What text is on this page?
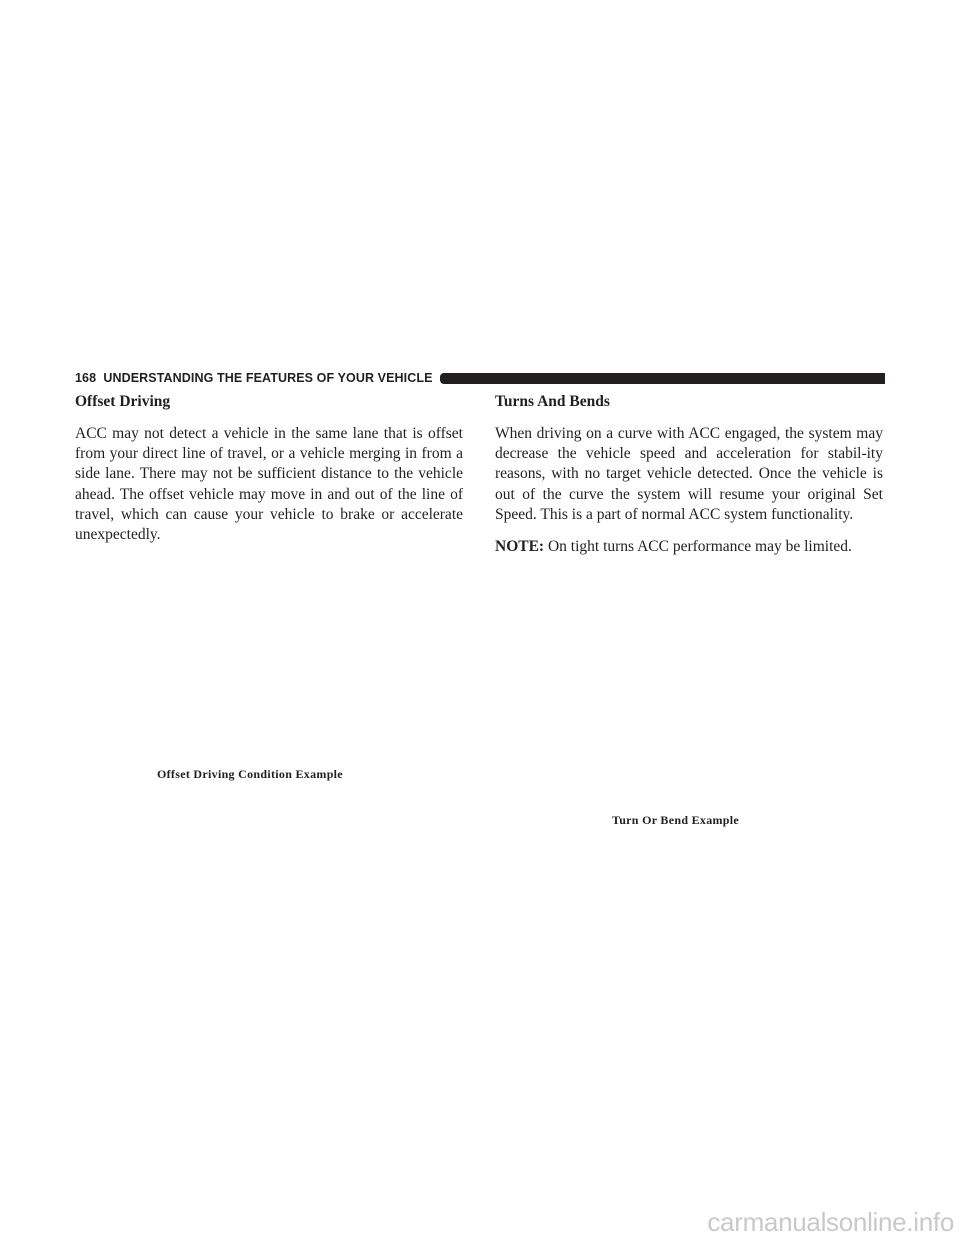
168 UNDERSTANDING THE FEATURES OF YOUR VEHICLE
Offset Driving

ACC may not detect a vehicle in the same lane that is offset from your direct line of travel, or a vehicle merging in from a side lane. There may not be sufficient distance to the vehicle ahead. The offset vehicle may move in and out of the line of travel, which can cause your vehicle to brake or accelerate unexpectedly.

Turns And Bends

When driving on a curve with ACC engaged, the system may decrease the vehicle speed and acceleration for stabil-ity reasons, with no target vehicle detected. Once the vehicle is out of the curve the system will resume your original Set Speed. This is a part of normal ACC system functionality.

NOTE: On tight turns ACC performance may be limited.

Offset Driving Condition Example
Turn Or Bend Example
carmanualsonline.info
